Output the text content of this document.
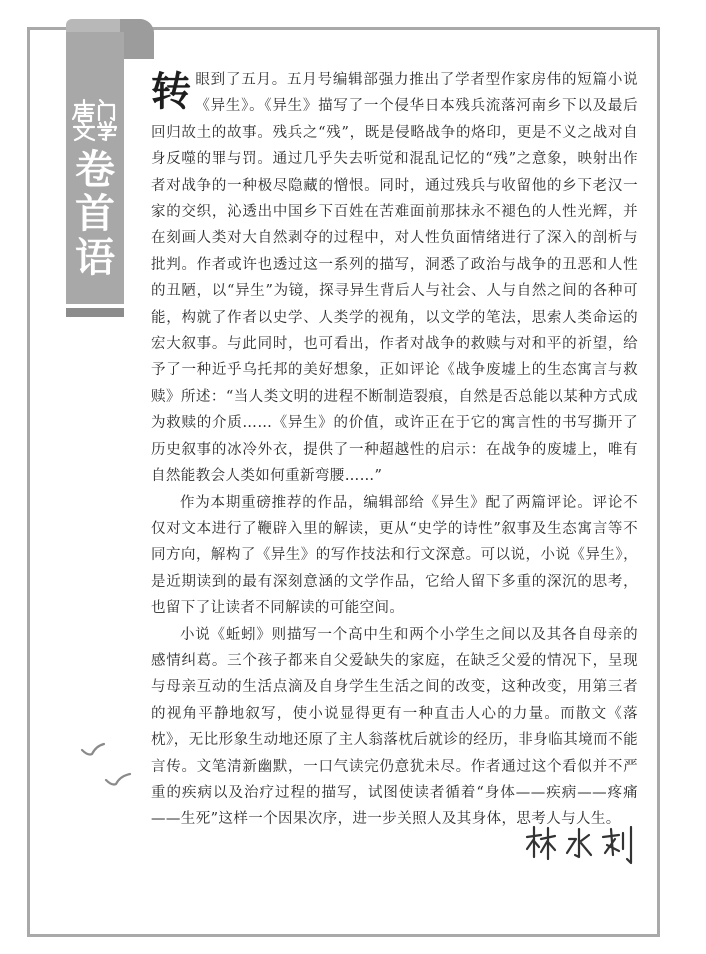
卷
首
语

转眼到了五月。五月号编辑部强力推出了学者型作家房伟的短篇小说《异生》。《异生》描写了一个侵华日本残兵流落河南乡下以及最后回归故土的故事。残兵之“残”，既是侵略战争的烙印，更是不义之战对自身反噬的罪与罚。通过几乎失去听觉和混乱记忆的“残”之意象，映射出作者对战争的一种极尽隐藏的憎恨。同时，通过残兵与收留他的乡下老汉一家的交织，沁透出中国乡下百姓在苦难面前那抹永不褪色的人性光辉，并在刻画人类对大自然剥夺的过程中，对人性负面情绪进行了深入的剖析与批判。作者或许也透过这一系列的描写，洞悉了政治与战争的丑恶和人性的丑陋，以“异生”为镜，探寻异生背后人与社会、人与自然之间的各种可能，构就了作者以史学、人类学的视角，以文学的笔法，思索人类命运的宏大叙事。与此同时，也可看出，作者对战争的救赎与对和平的祈望，给予了一种近乎乌托邦的美好想象，正如评论《战争废墟上的生态寓言与救赎》所述：“当人类文明的进程不断制造裂痕，自然是否总能以某种方式成为救赎的介质……《异生》的价值，或许正在于它的寓言性的书写撕开了历史叙事的冰冷外衣，提供了一种超越性的启示：在战争的废墟上，唯有自然能教会人类如何重新弯腰……”

作为本期重磅推荐的作品，编辑部给《异生》配了两篇评论。评论不仅对文本进行了鞭辟入里的解读，更从“史学的诗性”叙事及生态寓言等不同方向，解构了《异生》的写作技法和行文深意。可以说，小说《异生》，是近期读到的最有深刻意涵的文学作品，它给人留下多重的深沉的思考，也留下了让读者不同解读的可能空间。

小说《蚯蚓》则描写一个高中生和两个小学生之间以及其各自母亲的感情纠葛。三个孩子都来自父爱缺失的家庭，在缺乏父爱的情况下，呈现与母亲互动的生活点滴及自身学生生活之间的改变，这种改变，用第三者的视角平静地叙写，使小说显得更有一种直击人心的力量。而散文《落枕》，无比形象生动地还原了主人翁落枕后就诊的经历，非身临其境而不能言传。文笔清新幽默，一口气读完仍意犹未尽。作者通过这个看似并不严重的疾病以及治疗过程的描写，试图使读者循着“身体——疾病——疼痛——生死”这样一个因果次序，进一步关照人及其身体，思考人与人生。
